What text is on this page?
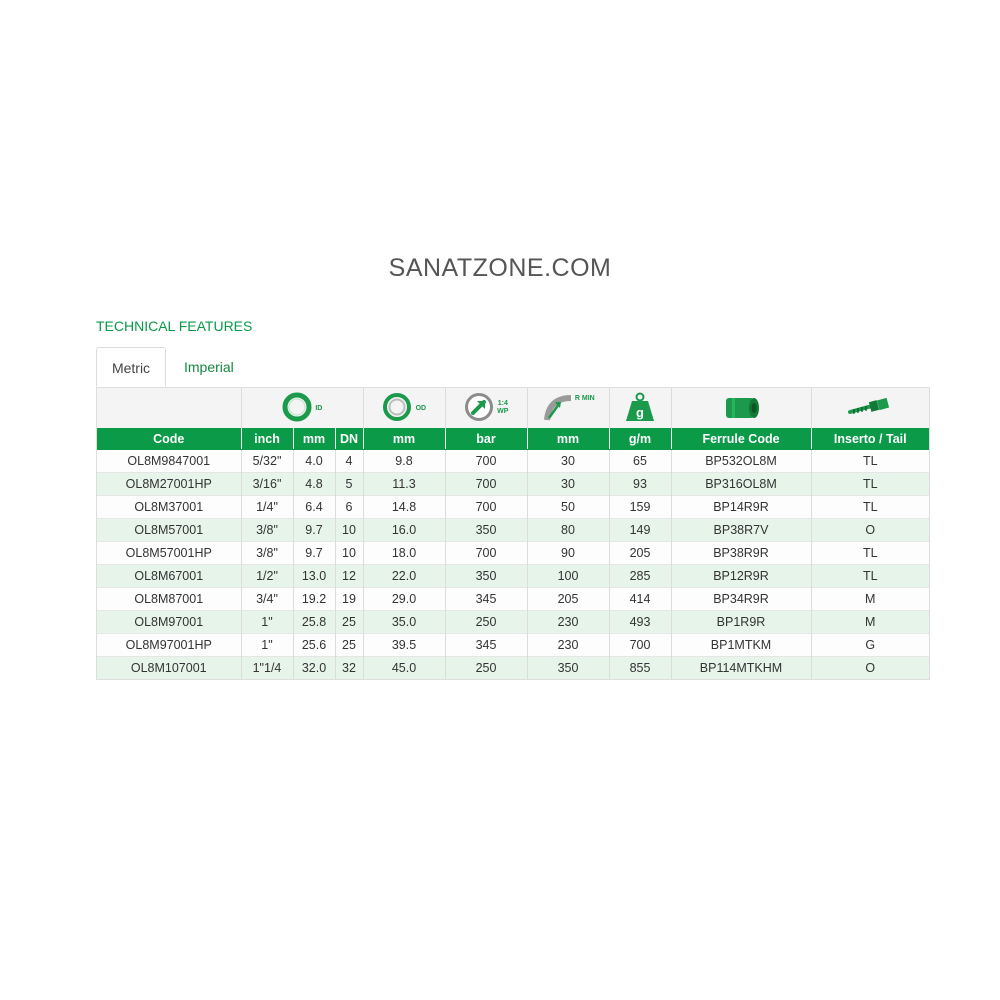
SANATZONE.COM
TECHNICAL FEATURES
Metric	Imperial
	ID			OD	1:4
WP	$^{R MIN}$	g

Code	inch	mm	DN	mm	bar	mm	g/m	Ferrule Code	Inserto / Tail
OL8M9847001	5/32"	4.0	4	9.8	700	30	65	BP532OL8M	TL
OL8M27001HP	3/16"	4.8	5	11.3	700	30	93	BP316OL8M	TL
OL8M37001	1/4"	6.4	6	14.8	700	50	159	BP14R9R	TL
OL8M57001	3/8"	9.7	10	16.0	350	80	149	BP38R7V	O
OL8M57001HP	3/8"	9.7	10	18.0	700	90	205	BP38R9R	TL
OL8M67001	1/2"	13.0	12	22.0	350	100	285	BP12R9R	TL
OL8M87001	3/4"	19.2	19	29.0	345	205	414	BP34R9R	M
OL8M97001	1"	25.8	25	35.0	250	230	493	BP1R9R	M
OL8M97001HP	1"	25.6	25	39.5	345	230	700	BP1MTKM	G
OL8M107001	1"1/4	32.0	32	45.0	250	350	855	BP114MTKHM	O
